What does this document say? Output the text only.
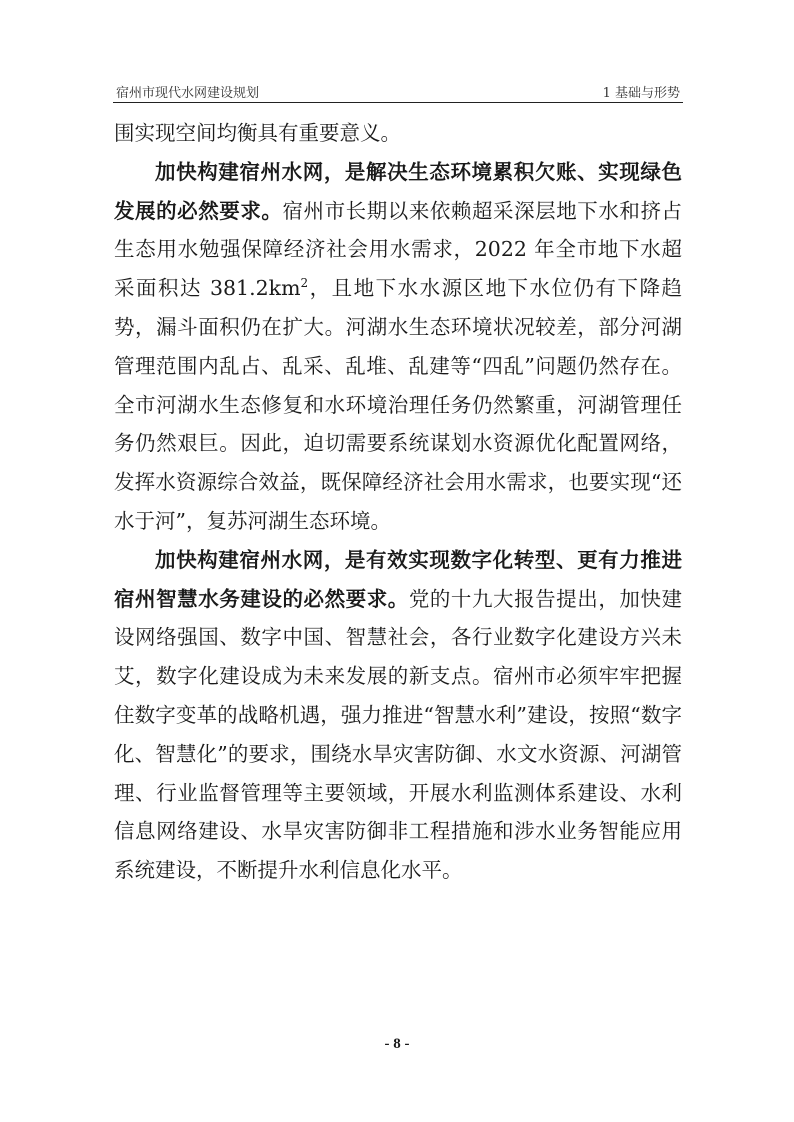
宿州市现代水网建设规划	1 基础与形势

围实现空间均衡具有重要意义。

加快构建宿州水网，是解决生态环境累积欠账、实现绿色发展的必然要求。宿州市长期以来依赖超采深层地下水和挤占生态用水勉强保障经济社会用水需求，2022 年全市地下水超采面积达 $381.2km^2$，且地下水水源区地下水位仍有下降趋势，漏斗面积仍在扩大。河湖水生态环境状况较差，部分河湖管理范围内乱占、乱采、乱堆、乱建等“四乱”问题仍然存在。全市河湖水生态修复和水环境治理任务仍然繁重，河湖管理任务仍然艰巨。因此，迫切需要系统谋划水资源优化配置网络，发挥水资源综合效益，既保障经济社会用水需求，也要实现“还水于河”，复苏河湖生态环境。

加快构建宿州水网，是有效实现数字化转型、更有力推进宿州智慧水务建设的必然要求。党的十九大报告提出，加快建设网络强国、数字中国、智慧社会，各行业数字化建设方兴未艾，数字化建设成为未来发展的新支点。宿州市必须牢牢把握住数字变革的战略机遇，强力推进“智慧水利”建设，按照“数字化、智慧化”的要求，围绕水旱灾害防御、水文水资源、河湖管理、行业监督管理等主要领域，开展水利监测体系建设、水利信息网络建设、水旱灾害防御非工程措施和涉水业务智能应用系统建设，不断提升水利信息化水平。

- 8 -
